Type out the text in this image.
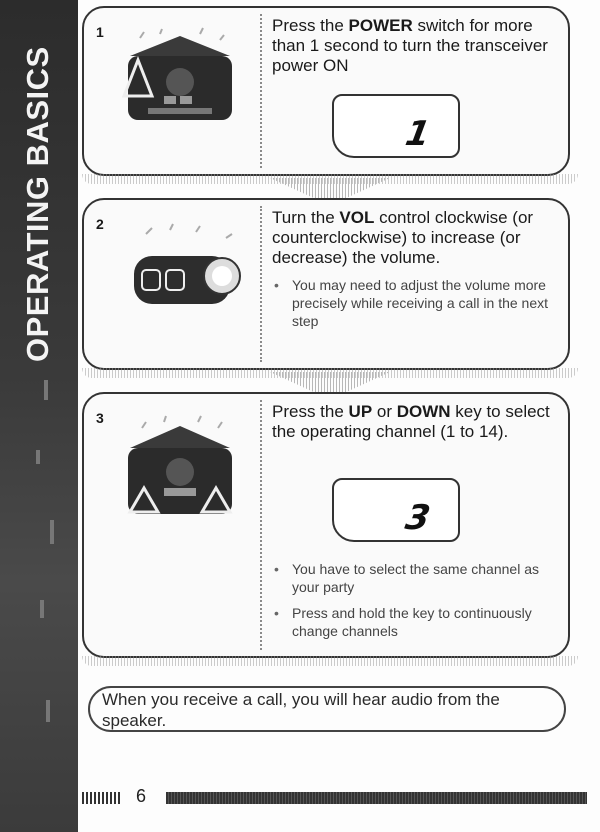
OPERATING BASICS
1	Press the POWER switch for more than 1 second to turn the transceiver power ON
1
2	Turn the VOL control clockwise (or counterclockwise) to increase (or decrease) the volume.
• You may need to adjust the volume more precisely while receiving a call in the next step
3	Press the UP or DOWN key to select the operating channel (1 to 14).
3
• You have to select the same channel as your party
• Press and hold the key to continuously change channels
When you receive a call, you will hear audio from the speaker.
6
